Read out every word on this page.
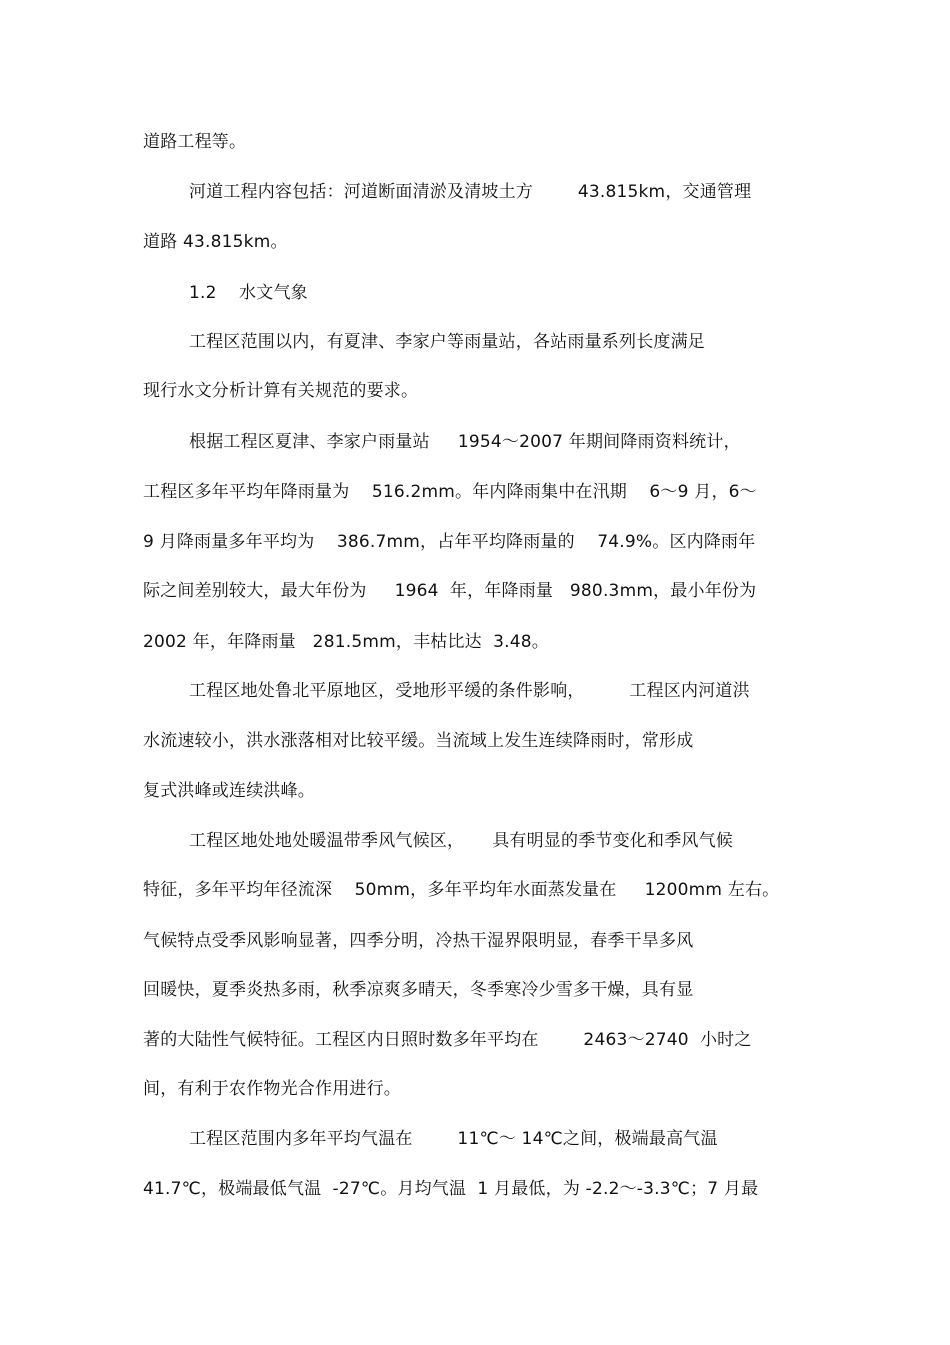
道路工程等。
河道工程内容包括：河道断面清淤及清坡土方        43.815km，交通管理
道路 43.815km。
1.2    水文气象
工程区范围以内，有夏津、李家户等雨量站，各站雨量系列长度满足
现行水文分析计算有关规范的要求。
根据工程区夏津、李家户雨量站     1954～2007 年期间降雨资料统计，
工程区多年平均年降雨量为    516.2mm。年内降雨集中在汛期    6～9 月，6～
9 月降雨量多年平均为    386.7mm，占年平均降雨量的    74.9%。区内降雨年
际之间差别较大，最大年份为     1964  年，年降雨量   980.3mm，最小年份为
2002 年，年降雨量   281.5mm，丰枯比达  3.48。
工程区地处鲁北平原地区，受地形平缓的条件影响，        工程区内河道洪
水流速较小，洪水涨落相对比较平缓。当流域上发生连续降雨时，常形成
复式洪峰或连续洪峰。
工程区地处地处暖温带季风气候区，     具有明显的季节变化和季风气候
特征，多年平均年径流深    50mm，多年平均年水面蒸发量在     1200mm 左右。
气候特点受季风影响显著，四季分明，冷热干湿界限明显，春季干旱多风
回暖快，夏季炎热多雨，秋季凉爽多晴天，冬季寒冷少雪多干燥，具有显
著的大陆性气候特征。工程区内日照时数多年平均在        2463～2740  小时之
间，有利于农作物光合作用进行。
工程区范围内多年平均气温在        11℃～ 14℃之间，极端最高气温
41.7℃，极端最低气温  -27℃。月均气温  1 月最低，为 -2.2～-3.3℃；7 月最
